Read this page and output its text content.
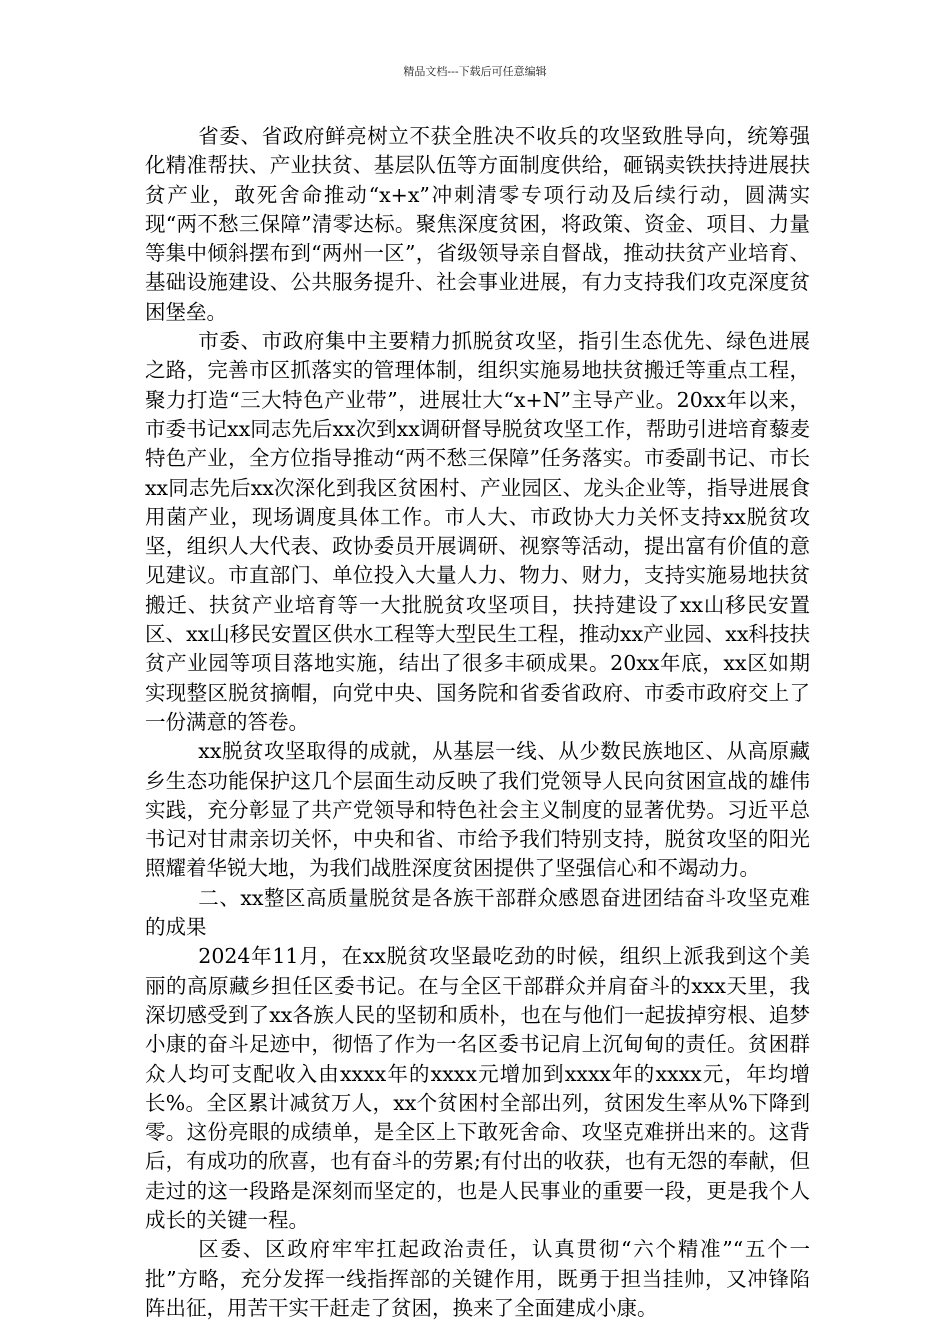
精品文档---下载后可任意编辑

省委、省政府鲜亮树立不获全胜决不收兵的攻坚致胜导向，统筹强化精准帮扶、产业扶贫、基层队伍等方面制度供给，砸锅卖铁扶持进展扶贫产业，敢死舍命推动“x+x”冲刺清零专项行动及后续行动，圆满实现“两不愁三保障”清零达标。聚焦深度贫困，将政策、资金、项目、力量等集中倾斜摆布到“两州一区”，省级领导亲自督战，推动扶贫产业培育、基础设施建设、公共服务提升、社会事业进展，有力支持我们攻克深度贫困堡垒。

市委、市政府集中主要精力抓脱贫攻坚，指引生态优先、绿色进展之路，完善市区抓落实的管理体制，组织实施易地扶贫搬迁等重点工程，聚力打造“三大特色产业带”，进展壮大“x+N”主导产业。20xx年以来，市委书记xx同志先后xx次到xx调研督导脱贫攻坚工作，帮助引进培育藜麦特色产业，全方位指导推动“两不愁三保障”任务落实。市委副书记、市长xx同志先后xx次深化到我区贫困村、产业园区、龙头企业等，指导进展食用菌产业，现场调度具体工作。市人大、市政协大力关怀支持xx脱贫攻坚，组织人大代表、政协委员开展调研、视察等活动，提出富有价值的意见建议。市直部门、单位投入大量人力、物力、财力，支持实施易地扶贫搬迁、扶贫产业培育等一大批脱贫攻坚项目，扶持建设了xx山移民安置区、xx山移民安置区供水工程等大型民生工程，推动xx产业园、xx科技扶贫产业园等项目落地实施，结出了很多丰硕成果。20xx年底，xx区如期实现整区脱贫摘帽，向党中央、国务院和省委省政府、市委市政府交上了一份满意的答卷。

xx脱贫攻坚取得的成就，从基层一线、从少数民族地区、从高原藏乡生态功能保护这几个层面生动反映了我们党领导人民向贫困宣战的雄伟实践，充分彰显了共产党领导和特色社会主义制度的显著优势。习近平总书记对甘肃亲切关怀，中央和省、市给予我们特别支持，脱贫攻坚的阳光照耀着华锐大地，为我们战胜深度贫困提供了坚强信心和不竭动力。

二、xx整区高质量脱贫是各族干部群众感恩奋进团结奋斗攻坚克难的成果

2024年11月，在xx脱贫攻坚最吃劲的时候，组织上派我到这个美丽的高原藏乡担任区委书记。在与全区干部群众并肩奋斗的xxx天里，我深切感受到了xx各族人民的坚韧和质朴，也在与他们一起拔掉穷根、追梦小康的奋斗足迹中，彻悟了作为一名区委书记肩上沉甸甸的责任。贫困群众人均可支配收入由xxxx年的xxxx元增加到xxxx年的xxxx元，年均增长%。全区累计减贫万人，xx个贫困村全部出列，贫困发生率从%下降到零。这份亮眼的成绩单，是全区上下敢死舍命、攻坚克难拼出来的。这背后，有成功的欣喜，也有奋斗的劳累;有付出的收获，也有无怨的奉献，但走过的这一段路是深刻而坚定的，也是人民事业的重要一段，更是我个人成长的关键一程。

区委、区政府牢牢扛起政治责任，认真贯彻“六个精准”“五个一批”方略，充分发挥一线指挥部的关键作用，既勇于担当挂帅，又冲锋陷阵出征，用苦干实干赶走了贫困，换来了全面建成小康。
